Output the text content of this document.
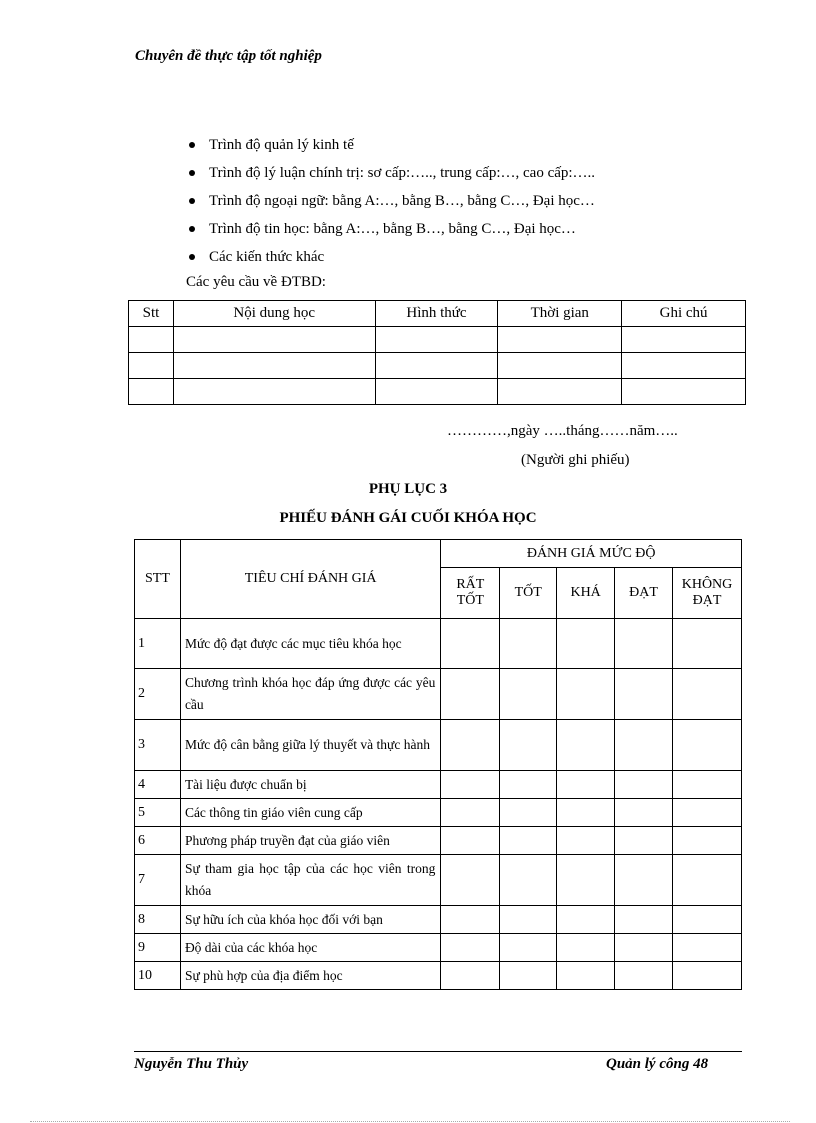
Chuyên đề thực tập tốt nghiệp
Trình độ quản lý kinh tế
Trình độ lý luận chính trị: sơ cấp:….., trung cấp:…, cao cấp:…..
Trình độ ngoại ngữ: bằng A:…, bằng B…, bằng C…, Đại học…
Trình độ tin học: bằng A:…, bằng B…, bằng C…, Đại học…
Các kiến thức khác
Các yêu cầu về ĐTBD:
Stt	Nội dung học	Hình thức	Thời gian	Ghi chú

…………,ngày …..tháng……năm…..
(Người ghi phiếu)
PHỤ LỤC 3
PHIẾU ĐÁNH GÁI CUỐI KHÓA HỌC
STT	TIÊU CHÍ ĐÁNH GIÁ	ĐÁNH GIÁ MỨC ĐỘ				
		RẤT TỐT	TỐT	KHÁ	ĐẠT	KHÔNG ĐẠT
1	Mức độ đạt được các mục tiêu khóa học					
2	Chương trình khóa học đáp ứng được các yêu cầu					
3	Mức độ cân bằng giữa lý thuyết và thực hành					
4	Tài liệu được chuẩn bị					
5	Các thông tin giáo viên cung cấp					
6	Phương pháp truyền đạt của giáo viên					
7	Sự tham gia học tập của các học viên trong khóa					
8	Sự hữu ích của khóa học đối với bạn					
9	Độ dài của các khóa học					
10	Sự phù hợp của địa điểm học					
Nguyễn Thu Thủy	Quản lý công 48
